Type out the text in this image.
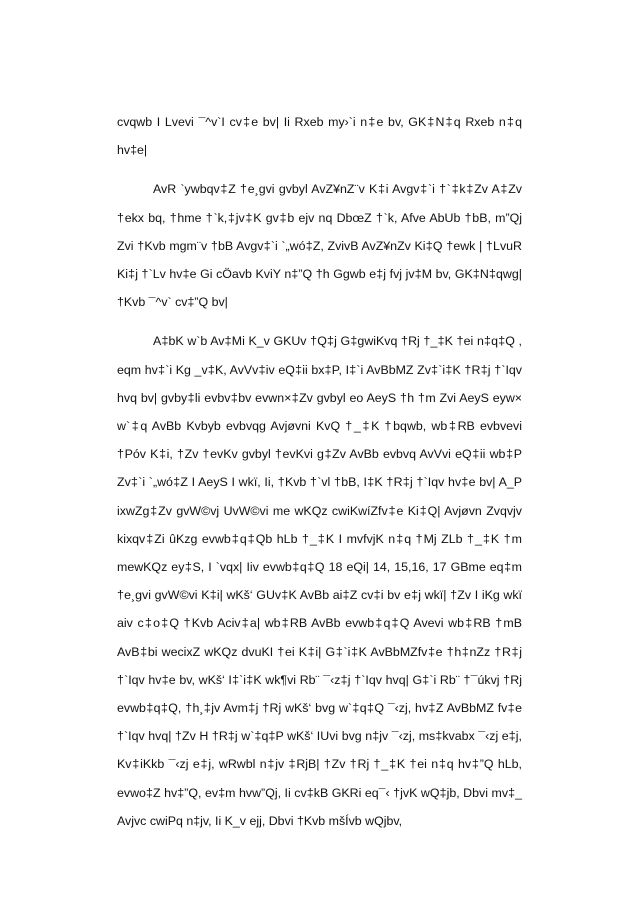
cvqwb I Lvevi ¯^v`I cv‡e bv| Ii Rxeb my›`i n‡e bv, GK‡N‡q Rxeb n‡q hv‡e|

AvR `ywbqv‡Z †e¸gvi gvbyl AvZ¥nZ¨v K‡i Avgv‡`i †`‡k‡Zv A‡Zv †ekx bq, †hme †`k,‡jv‡K gv‡b ejv nq DbœZ †`k, Afve AbUb †bB, m”Qj Zvi †Kvb mgm¨v †bB Avgv‡`i `„wó‡Z, ZvivB AvZ¥nZv Ki‡Q †ewk | †LvuR Ki‡j †`Lv hv‡e Gi cÖavb KviY n‡”Q †h Ggwb e‡j fvj jv‡M bv, GK‡N‡qwg| †Kvb ¯^v` cv‡”Q bv|

A‡bK w`b Av‡Mi K_v GKUv †Q‡j G‡gwiKvq †Rj †_‡K †ei n‡q‡Q , eqm hv‡`i Kg _v‡K, AvVv‡iv eQ‡ii bx‡P, I‡`i AvBbMZ Zv‡`i‡K †R‡j †`Iqv hvq bv| gvby‡li evbv‡bv evwn×‡Zv gvbyl eo AeyS †h †m Zvi AeyS eyw× w`‡q AvBb Kvbyb evbvqg Avjøvni KvQ †_‡K †bqwb, wb‡RB evbvevi †Póv K‡i, †Zv †evKv gvbyl †evKvi g‡Zv AvBb evbvq AvVvi eQ‡ii wb‡P Zv‡`i `„wó‡Z I AeyS I wkï, Ii, †Kvb †`vl †bB, I‡K †R‡j †`Iqv hv‡e bv| A_P ixwZg‡Zv gvW©vj UvW©vi me wKQz cwiKwíZfv‡e Ki‡Q| Avjøvn Zvqvjv kixqv‡Zi ûKzg evwb‡q‡Qb hLb †_‡K I mvfvjK n‡q †Mj ZLb †_‡K †m mewKQz ey‡S, I `vqx| Iiv evwb‡q‡Q 18 eQi| 14, 15,16, 17 GBme eq‡m †e¸gvi gvW©vi K‡i| wKš‘ GUv‡K AvBb ai‡Z cv‡i bv e‡j wkï| †Zv I iKg wkï aiv c‡o‡Q †Kvb Aciv‡a| wb‡RB AvBb evwb‡q‡Q Avevi wb‡RB †mB AvB‡bi wecixZ wKQz dvuKI †ei K‡i| G‡`i‡K AvBbMZfv‡e †h‡nZz †R‡j †`Iqv hv‡e bv, wKš‘ I‡`i‡K wk¶vi Rb¨ ¯‹z‡j †`Iqv hvq| G‡`i Rb¨ †¯úkvj †Rj evwb‡q‡Q, †h¸‡jv Avm‡j †Rj wKš‘ bvg w`‡q‡Q ¯‹zj, hv‡Z AvBbMZ fv‡e †`Iqv hvq| †Zv H †R‡j w`‡q‡P wKš‘ IUvi bvg n‡jv ¯‹zj, ms‡kvabx ¯‹zj e‡j, Kv‡iKkb ¯‹zj e‡j, wRwbl n‡jv ‡RjB| †Zv †Rj †_‡K †ei n‡q hv‡”Q hLb, evwo‡Z hv‡”Q, ev‡m hvw”Qj, Ii cv‡kB GKRi eq¯‹ †jvK wQ‡jb, Dbvi mv‡_ Avjvc cwiPq n‡jv, Ii K_v ejj, Dbvi †Kvb mšÍvb wQjbv,
